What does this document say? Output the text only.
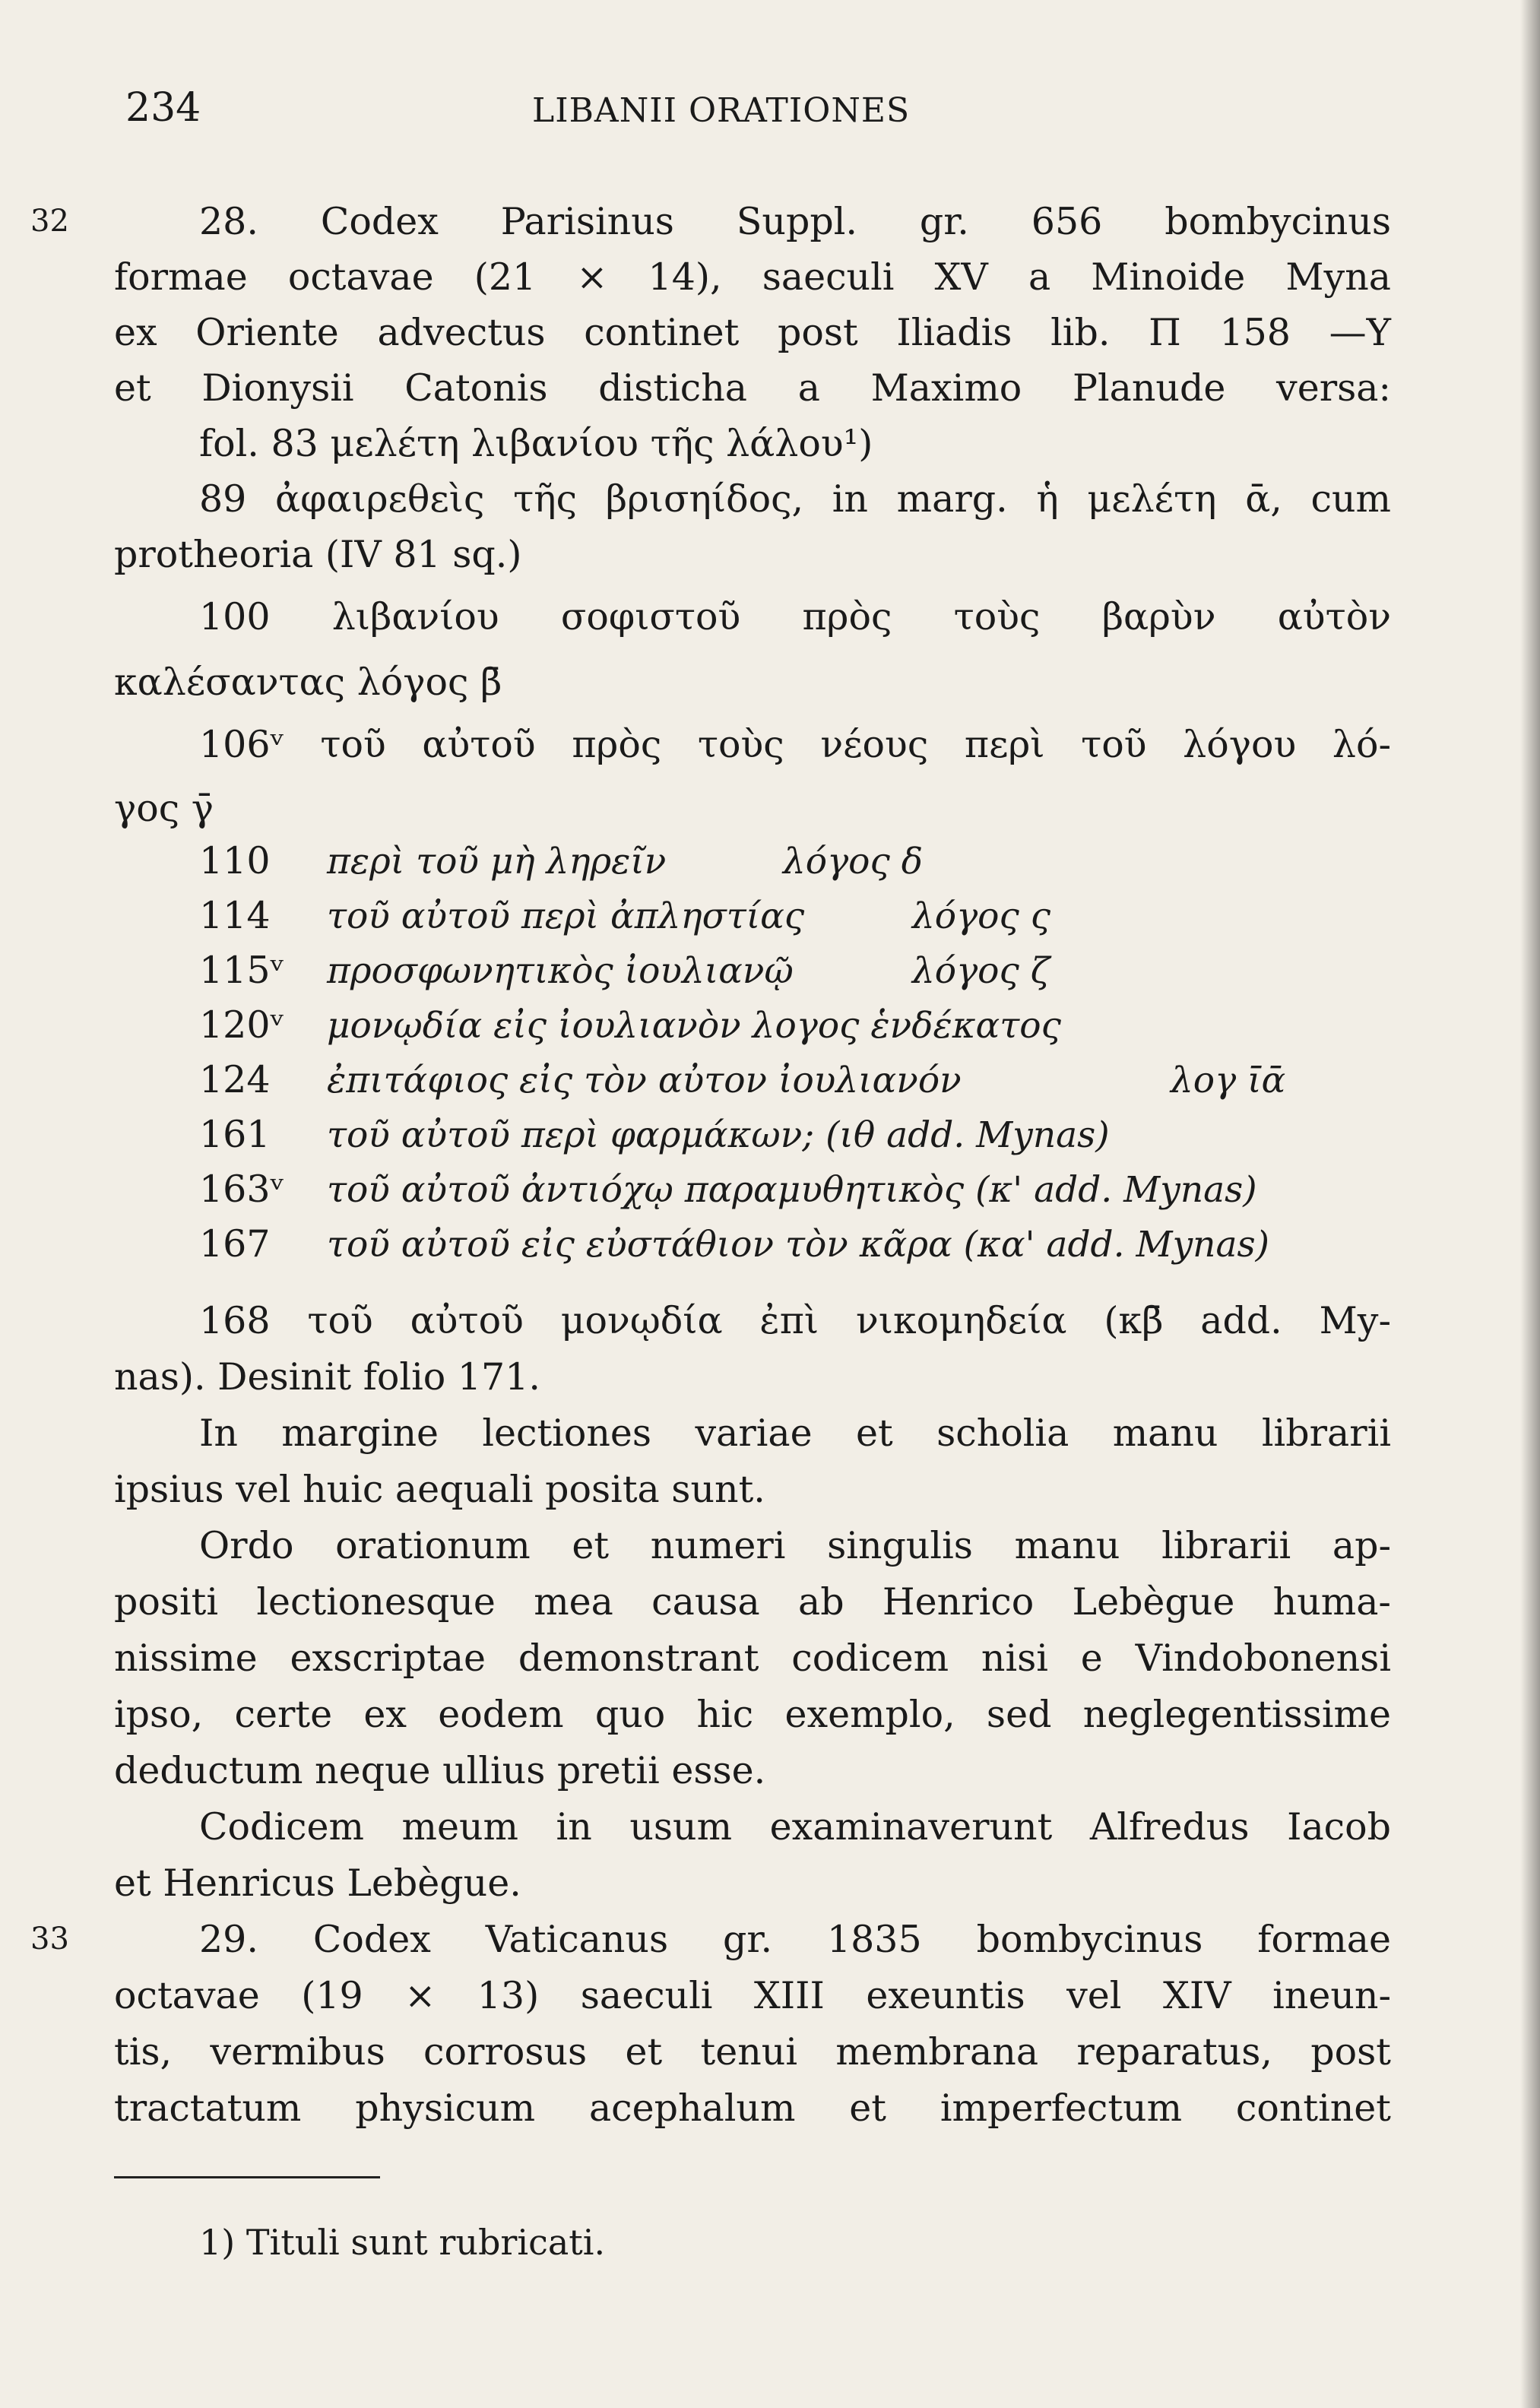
234	LIBANII ORATIONES
32	28. Codex Parisinus Suppl. gr. 656 bombycinus
formae octavae (21 × 14), saeculi XV a Minoide Myna
ex Oriente advectus continet post Iliadis lib. Π 158 —Υ
et Dionysii Catonis disticha a Maximo Planude versa:
fol. 83 μελέτη λιβανίου τῆς λάλου¹)
89 ἀφαιρεθεὶς τῆς βρισηίδος, in marg. ἡ μελέτη ᾱ, cum
protheoria (IV 81 sq.)
100 λιβανίου σοφιστοῦ πρὸς τοὺς βαρὺν αὐτὸν
καλέσαντας λόγος β̄
106ᵛ τοῦ αὐτοῦ πρὸς τοὺς νέους περὶ τοῦ λόγου λό-
γος γ̄
110 περὶ τοῦ μὴ ληρεῖν	λόγος δ
114 τοῦ αὐτοῦ περὶ ἀπληστίας	λόγος ς
115ᵛ προσφωνητικὸς ἰουλιανῷ	λόγος ζ
120ᵛ μονῳδία εἰς ἰουλιανὸν λογος ἑνδέκατος
124 ἐπιτάφιος εἰς τὸν αὐτον ἰουλιανόν	λογ ῑᾱ
161 τοῦ αὐτοῦ περὶ φαρμάκων; (ιθ add. Mynas)
163ᵛ τοῦ αὐτοῦ ἀντιόχῳ παραμυθητικὸς (κ' add. Mynas)
167 τοῦ αὐτοῦ εἰς εὐστάθιον τὸν κᾶρα (κα' add. Mynas)
168 τοῦ αὐτοῦ μονῳδία ἐπὶ νικομηδεία (κβ̄ add. My-
nas). Desinit folio 171.
In margine lectiones variae et scholia manu librarii
ipsius vel huic aequali posita sunt.
Ordo orationum et numeri singulis manu librarii ap-
positi lectionesque mea causa ab Henrico Lebègue huma-
nissime exscriptae demonstrant codicem nisi e Vindobonensi
ipso, certe ex eodem quo hic exemplo, sed neglegentissime
deductum neque ullius pretii esse.
Codicem meum in usum examinaverunt Alfredus Iacob
et Henricus Lebègue.
33	29. Codex Vaticanus gr. 1835 bombycinus formae
octavae (19 × 13) saeculi XIII exeuntis vel XIV ineun-
tis, vermibus corrosus et tenui membrana reparatus, post
tractatum physicum acephalum et imperfectum continet
1) Tituli sunt rubricati.
